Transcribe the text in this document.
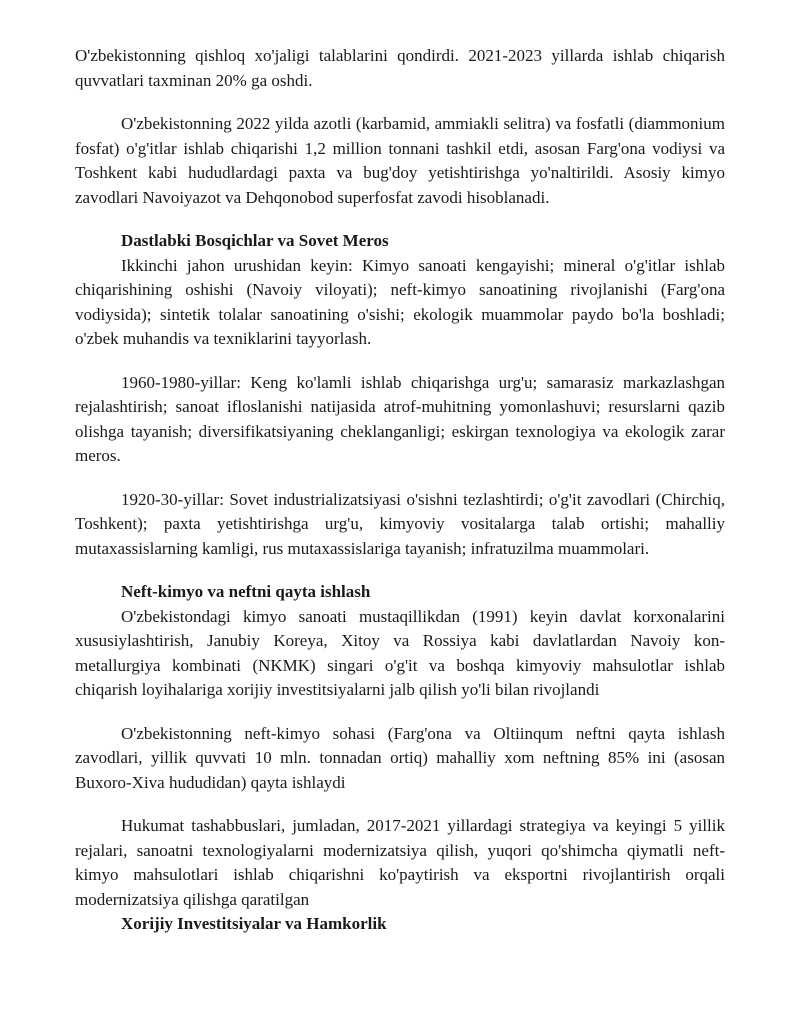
O'zbekistonning qishloq xo'jaligi talablarini qondirdi. 2021-2023 yillarda ishlab chiqarish quvvatlari taxminan 20% ga oshdi.

O'zbekistonning 2022 yilda azotli (karbamid, ammiakli selitra) va fosfatli (diammonium fosfat) o'g'itlar ishlab chiqarishi 1,2 million tonnani tashkil etdi, asosan Farg'ona vodiysi va Toshkent kabi hududlardagi paxta va bug'doy yetishtirishga yo'naltirildi. Asosiy kimyo zavodlari Navoiyazot va Dehqonobod superfosfat zavodi hisoblanadi.

Dastlabki Bosqichlar va Sovet Meros

Ikkinchi jahon urushidan keyin: Kimyo sanoati kengayishi; mineral o'g'itlar ishlab chiqarishining oshishi (Navoiy viloyati); neft-kimyo sanoatining rivojlanishi (Farg'ona vodiysida); sintetik tolalar sanoatining o'sishi; ekologik muammolar paydo bo'la boshladi; o'zbek muhandis va texniklarini tayyorlash.

1960-1980-yillar: Keng ko'lamli ishlab chiqarishga urg'u; samarasiz markazlashgan rejalashtirish; sanoat ifloslanishi natijasida atrof-muhitning yomonlashuvi; resurslarni qazib olishga tayanish; diversifikatsiyaning cheklanganligi; eskirgan texnologiya va ekologik zarar meros.

1920-30-yillar: Sovet industrializatsiyasi o'sishni tezlashtirdi; o'g'it zavodlari (Chirchiq, Toshkent); paxta yetishtirishga urg'u, kimyoviy vositalarga talab ortishi; mahalliy mutaxassislarning kamligi, rus mutaxassislariga tayanish; infratuzilma muammolari.

Neft-kimyo va neftni qayta ishlash

O'zbekistondagi kimyo sanoati mustaqillikdan (1991) keyin davlat korxonalarini xususiylashtirish, Janubiy Koreya, Xitoy va Rossiya kabi davlatlardan Navoiy kon-metallurgiya kombinati (NKMK) singari o'g'it va boshqa kimyoviy mahsulotlar ishlab chiqarish loyihalariga xorijiy investitsiyalarni jalb qilish yo'li bilan rivojlandi

O'zbekistonning neft-kimyo sohasi (Farg'ona va Oltiinqum neftni qayta ishlash zavodlari, yillik quvvati 10 mln. tonnadan ortiq) mahalliy xom neftning 85% ini (asosan Buxoro-Xiva hududidan) qayta ishlaydi

Hukumat tashabbuslari, jumladan, 2017-2021 yillardagi strategiya va keyingi 5 yillik rejalari, sanoatni texnologiyalarni modernizatsiya qilish, yuqori qo'shimcha qiymatli neft-kimyo mahsulotlari ishlab chiqarishni ko'paytirish va eksportni rivojlantirish orqali modernizatsiya qilishga qaratilgan

Xorijiy Investitsiyalar va Hamkorlik
